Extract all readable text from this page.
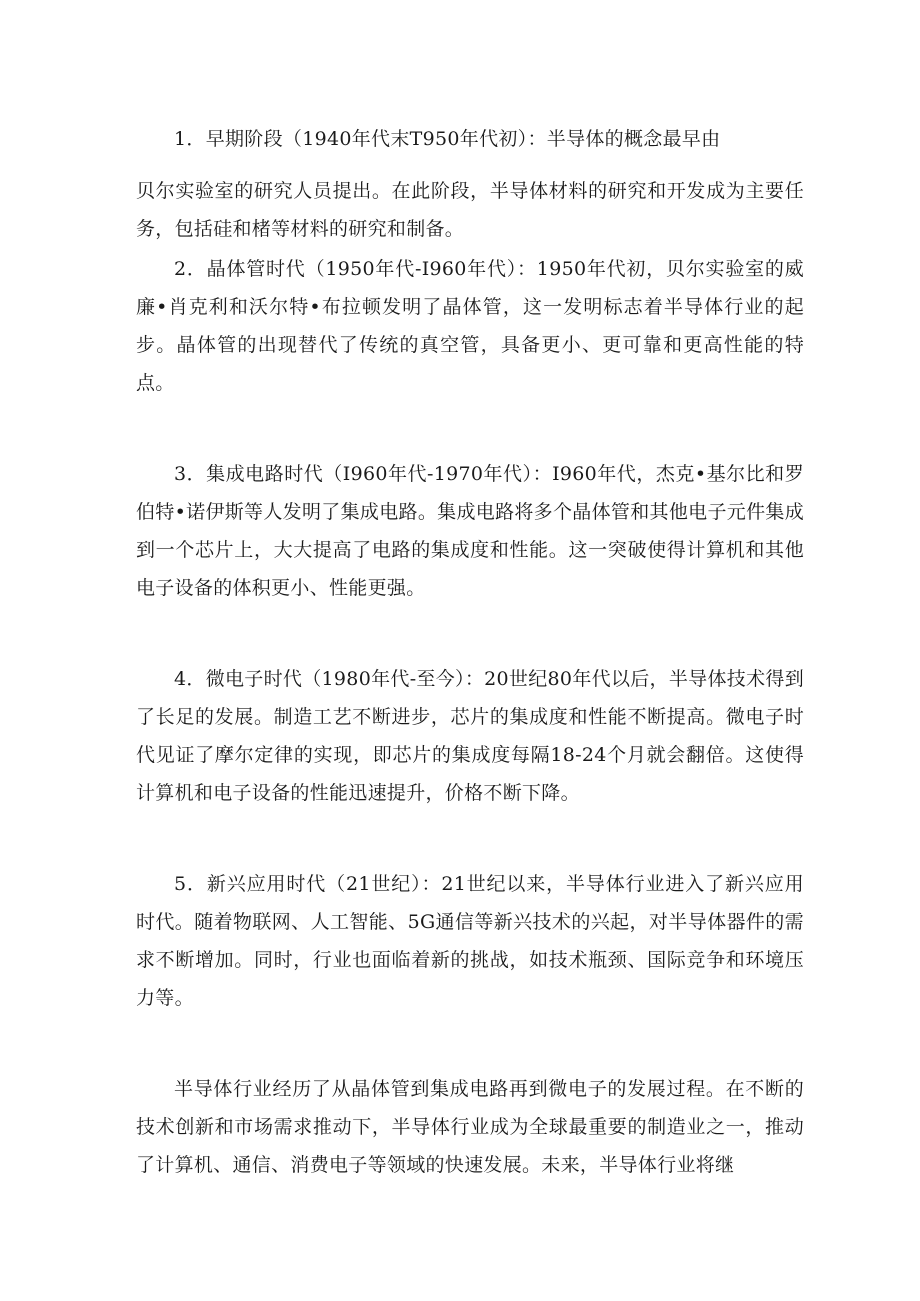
1．早期阶段（1940年代末T950年代初）：半导体的概念最早由

贝尔实验室的研究人员提出。在此阶段，半导体材料的研究和开发成为主要任务，包括硅和楮等材料的研究和制备。

2．晶体管时代（1950年代-I960年代）：1950年代初，贝尔实验室的威廉•肖克利和沃尔特•布拉顿发明了晶体管，这一发明标志着半导体行业的起步。晶体管的出现替代了传统的真空管，具备更小、更可靠和更高性能的特点。

3．集成电路时代（I960年代-1970年代）：I960年代，杰克•基尔比和罗伯特•诺伊斯等人发明了集成电路。集成电路将多个晶体管和其他电子元件集成到一个芯片上，大大提高了电路的集成度和性能。这一突破使得计算机和其他电子设备的体积更小、性能更强。

4．微电子时代（1980年代-至今）：20世纪80年代以后，半导体技术得到了长足的发展。制造工艺不断进步，芯片的集成度和性能不断提高。微电子时代见证了摩尔定律的实现，即芯片的集成度每隔18-24个月就会翻倍。这使得计算机和电子设备的性能迅速提升，价格不断下降。

5．新兴应用时代（21世纪）：21世纪以来，半导体行业进入了新兴应用时代。随着物联网、人工智能、5G通信等新兴技术的兴起，对半导体器件的需求不断增加。同时，行业也面临着新的挑战，如技术瓶颈、国际竞争和环境压力等。

半导体行业经历了从晶体管到集成电路再到微电子的发展过程。在不断的技术创新和市场需求推动下，半导体行业成为全球最重要的制造业之一，推动了计算机、通信、消费电子等领域的快速发展。未来，半导体行业将继
